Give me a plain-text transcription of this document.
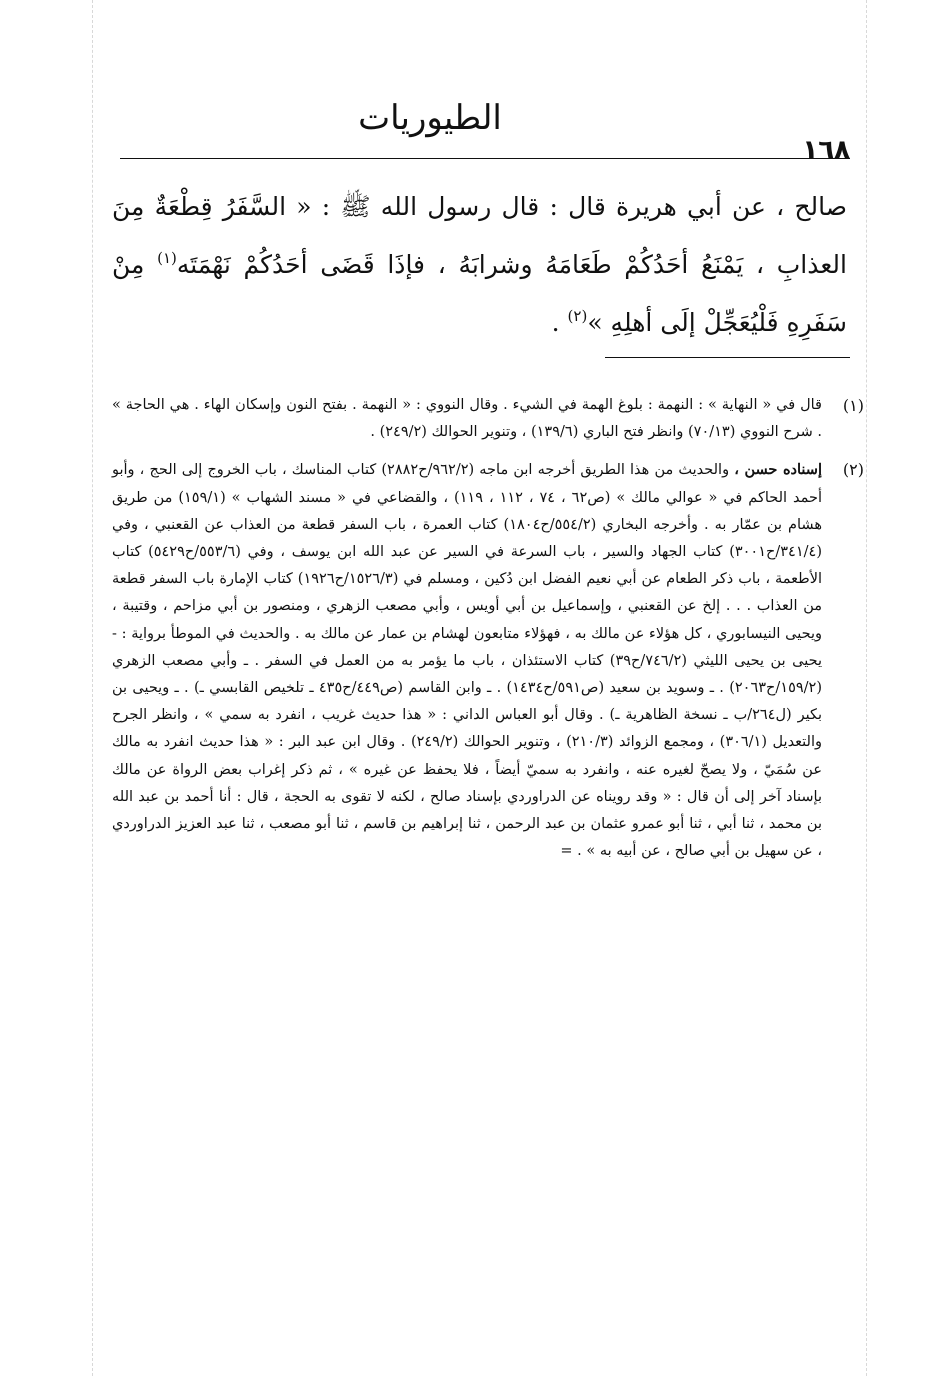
الطيوريات
١٦٨

صالح ، عن أبي هريرة قال : قال رسول الله ﷺ : « السَّفَرُ قِطْعَةٌ مِنَ العذابِ ، يَمْنَعُ أحَدُكُمْ طَعَامَهُ وشرابَهُ ، فإذَا قَضَى أحَدُكُمْ نَهْمَتَه$^{(١)}$ مِنْ سَفَرِهِ فَلْيُعَجِّلْ إلَى أهلِهِ »$^{(٢)}$ .

(١)
قال في « النهاية » : النهمة : بلوغ الهمة في الشيء . وقال النووي : « النهمة . بفتح النون وإسكان الهاء . هي الحاجة » . شرح النووي (٧٠/١٣) وانظر فتح الباري (١٣٩/٦) ، وتنوير الحوالك (٢٤٩/٢) .
(٢)
إسناده حسن ، والحديث من هذا الطريق أخرجه ابن ماجه (٩٦٢/٢/ح٢٨٨٢) كتاب المناسك ، باب الخروج إلى الحج ، وأبو أحمد الحاكم في « عوالي مالك » (ص٦٢ ، ٧٤ ، ١١٢ ، ١١٩) ، والقضاعي في « مسند الشهاب » (١٥٩/١) من طريق هشام بن عمّار به . وأخرجه البخاري (٥٥٤/٢/ح١٨٠٤) كتاب العمرة ، باب السفر قطعة من العذاب عن القعنبي ، وفي (٣٤١/٤/ح٣٠٠١) كتاب الجهاد والسير ، باب السرعة في السير عن عبد الله ابن يوسف ، وفي (٥٥٣/٦/ح٥٤٢٩) كتاب الأطعمة ، باب ذكر الطعام عن أبي نعيم الفضل ابن دُكين ، ومسلم في (١٥٢٦/٣/ح١٩٢٦) كتاب الإمارة باب السفر قطعة من العذاب . . . إلخ عن القعنبي ، وإسماعيل بن أبي أويس ، وأبي مصعب الزهري ، ومنصور بن أبي مزاحم ، وقتيبة ، ويحيى النيسابوري ، كل هؤلاء عن مالك به ، فهؤلاء متابعون لهشام بن عمار عن مالك به . والحديث في الموطأ برواية : - يحيى بن يحيى الليثي (٧٤٦/٢/ح٣٩) كتاب الاستئذان ، باب ما يؤمر به من العمل في السفر . ـ وأبي مصعب الزهري (١٥٩/٢/ح٢٠٦٣) . ـ وسويد بن سعيد (ص٥٩١/ح١٤٣٤) . ـ وابن القاسم (ص٤٤٩/ح٤٣٥ ـ تلخيص القابسي ـ) . ـ ويحيى بن بكير (ل٢٦٤/ب ـ نسخة الظاهرية ـ) . وقال أبو العباس الداني : « هذا حديث غريب ، انفرد به سمي » ، وانظر الجرح والتعديل (٣٠٦/١) ، ومجمع الزوائد (٢١٠/٣) ، وتنوير الحوالك (٢٤٩/٢) . وقال ابن عبد البر : « هذا حديث انفرد به مالك عن سُمَيّ ، ولا يصحّ لغيره عنه ، وانفرد به سميّ أيضاً ، فلا يحفظ عن غيره » ، ثم ذكر إغراب بعض الرواة عن مالك بإسناد آخر إلى أن قال : « وقد رويناه عن الدراوردي بإسناد صالح ، لكنه لا تقوى به الحجة ، قال : أنا أحمد بن عبد الله بن محمد ، ثنا أبي ، ثنا أبو عمرو عثمان بن عبد الرحمن ، ثنا إبراهيم بن قاسم ، ثنا أبو مصعب ، ثنا عبد العزيز الدراوردي ، عن سهيل بن أبي صالح ، عن أبيه به » . =
